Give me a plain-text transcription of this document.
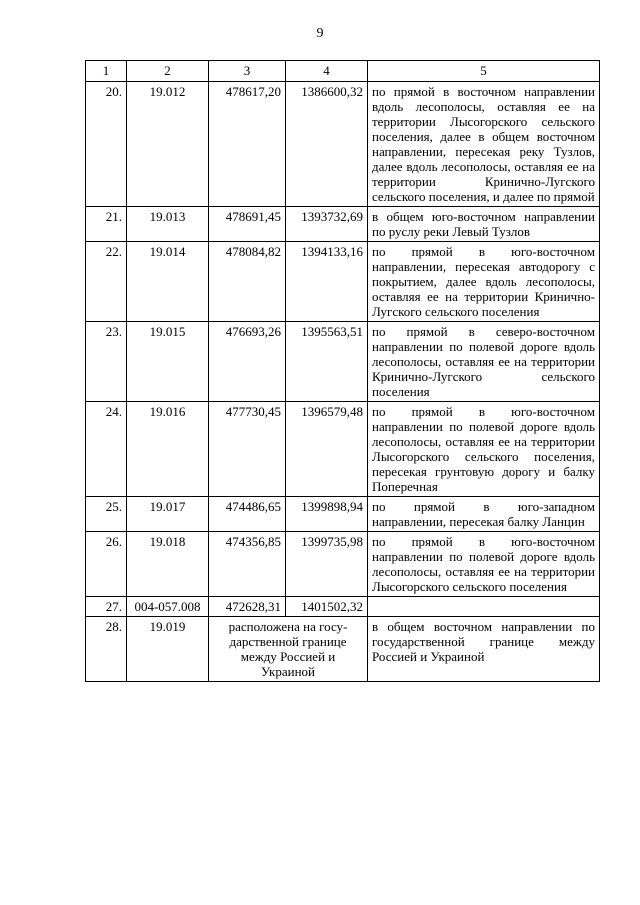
9
1	2	3	4	5
20.	19.012	478617,20	1386600,32	по прямой в восточном направлении вдоль лесополосы, оставляя ее на территории Лысогорского сельского поселения, далее в общем восточном направлении, пересекая реку Тузлов, далее вдоль лесополосы, оставляя ее на территории Кринично-Лугского сельского поселения, и далее по прямой
21.	19.013	478691,45	1393732,69	в общем юго-восточном направлении по руслу реки Левый Тузлов
22.	19.014	478084,82	1394133,16	по прямой в юго-восточном направлении, пересекая автодорогу с покрытием, далее вдоль лесополосы, оставляя ее на территории Кринично-Лугского сельского поселения
23.	19.015	476693,26	1395563,51	по прямой в северо-восточном направлении по полевой дороге вдоль лесополосы, оставляя ее на территории Кринично-Лугского сельского поселения
24.	19.016	477730,45	1396579,48	по прямой в юго-восточном направлении по полевой дороге вдоль лесополосы, оставляя ее на территории Лысогорского сельского поселения, пересекая грунтовую дорогу и балку Поперечная
25.	19.017	474486,65	1399898,94	по прямой в юго-западном направлении, пересекая балку Ланцин
26.	19.018	474356,85	1399735,98	по прямой в юго-восточном направлении по полевой дороге вдоль лесополосы, оставляя ее на территории Лысогорского сельского поселения
27.	004-057.008	472628,31	1401502,32	
28.	19.019	расположена на государственной границе между Россией и Украиной		в общем восточном направлении по государственной границе между Россией и Украиной
